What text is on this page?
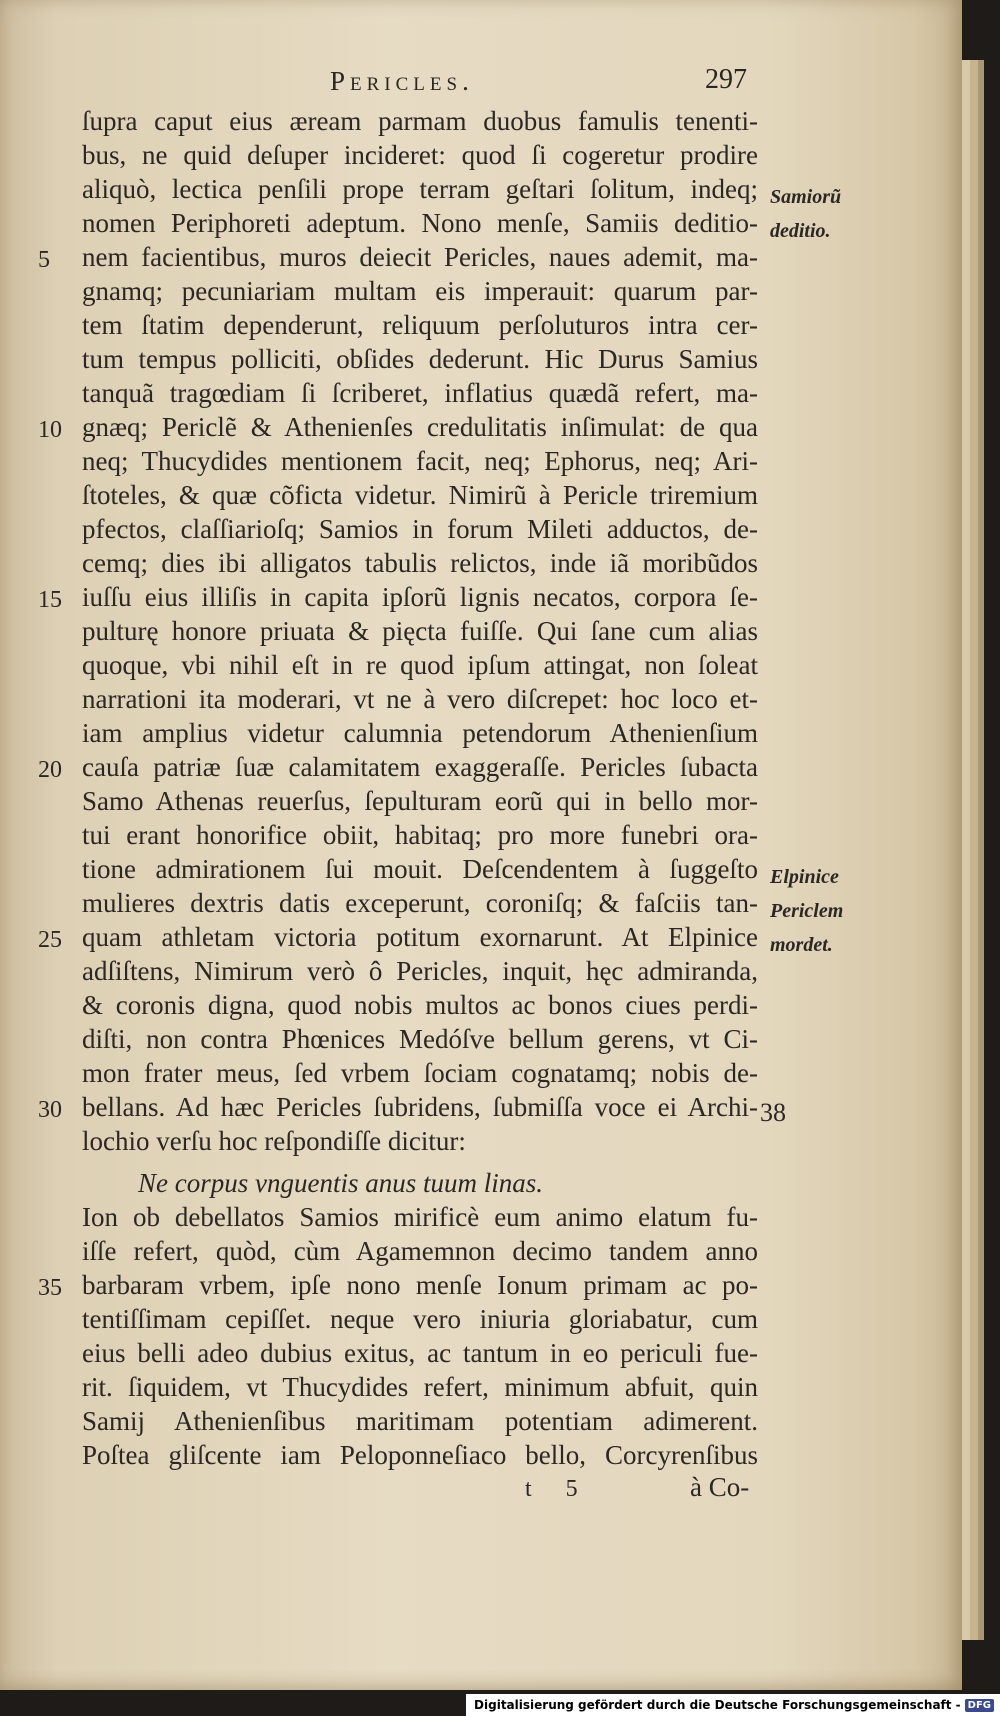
Pericles.	297
ſupra caput eius æream parmam duobus famulis tenenti-
bus, ne quid deſuper incideret: quod ſi cogeretur prodire
aliquò, lectica penſili prope terram geſtari ſolitum, indeq;
nomen Periphoreti adeptum. Nono menſe, Samiis deditio-
nem facientibus, muros deiecit Pericles, naues ademit, ma-
gnamq; pecuniariam multam eis imperauit: quarum par-
tem ſtatim dependerunt, reliquum perſoluturos intra cer-
tum tempus polliciti, obſides dederunt. Hic Durus Samius
tanquã tragœdiam ſi ſcriberet, inflatius quædã refert, ma-
gnæq; Periclẽ & Athenienſes credulitatis inſimulat: de qua
neq; Thucydides mentionem facit, neq; Ephorus, neq; Ari-
ſtoteles, & quæ cõficta videtur. Nimirũ à Pericle triremium
pfectos, claſſiarioſq; Samios in forum Mileti adductos, de-
cemq; dies ibi alligatos tabulis relictos, inde iã moribũdos
iuſſu eius illiſis in capita ipſorũ lignis necatos, corpora ſe-
pulturę honore priuata & pięcta fuiſſe. Qui ſane cum alias
quoque, vbi nihil eſt in re quod ipſum attingat, non ſoleat
narrationi ita moderari, vt ne à vero diſcrepet: hoc loco et-
iam amplius videtur calumnia petendorum Athenienſium
cauſa patriæ ſuæ calamitatem exaggeraſſe. Pericles ſubacta
Samo Athenas reuerſus, ſepulturam eorũ qui in bello mor-
tui erant honorifice obiit, habitaq; pro more funebri ora-
tione admirationem ſui mouit. Deſcendentem à ſuggeſto
mulieres dextris datis exceperunt, coroniſq; & faſciis tan-
quam athletam victoria potitum exornarunt. At Elpinice
adſiſtens, Nimirum verò ô Pericles, inquit, hęc admiranda,
& coronis digna, quod nobis multos ac bonos ciues perdi-
diſti, non contra Phœnices Medóſve bellum gerens, vt Ci-
mon frater meus, ſed vrbem ſociam cognatamq; nobis de-
bellans. Ad hæc Pericles ſubridens, ſubmiſſa voce ei Archi-
lochio verſu hoc reſpondiſſe dicitur:
Ne corpus vnguentis anus tuum linas.
Ion ob debellatos Samios mirificè eum animo elatum fu-
iſſe refert, quòd, cùm Agamemnon decimo tandem anno
barbaram vrbem, ipſe nono menſe Ionum primam ac po-
tentiſſimam cepiſſet. neque vero iniuria gloriabatur, cum
eius belli adeo dubius exitus, ac tantum in eo periculi fue-
rit. ſiquidem, vt Thucydides refert, minimum abfuit, quin
Samij Athenienſibus maritimam potentiam adimerent.
Poſtea gliſcente iam Peloponneſiaco bello, Corcyrenſibus
5
10
15
20
25
30
35
Samiorũ
deditio.
Elpinice
Periclem
mordet.
38
t 5	à Co-
Digitalisierung gefördert durch die Deutsche Forschungsgemeinschaft - DFG
